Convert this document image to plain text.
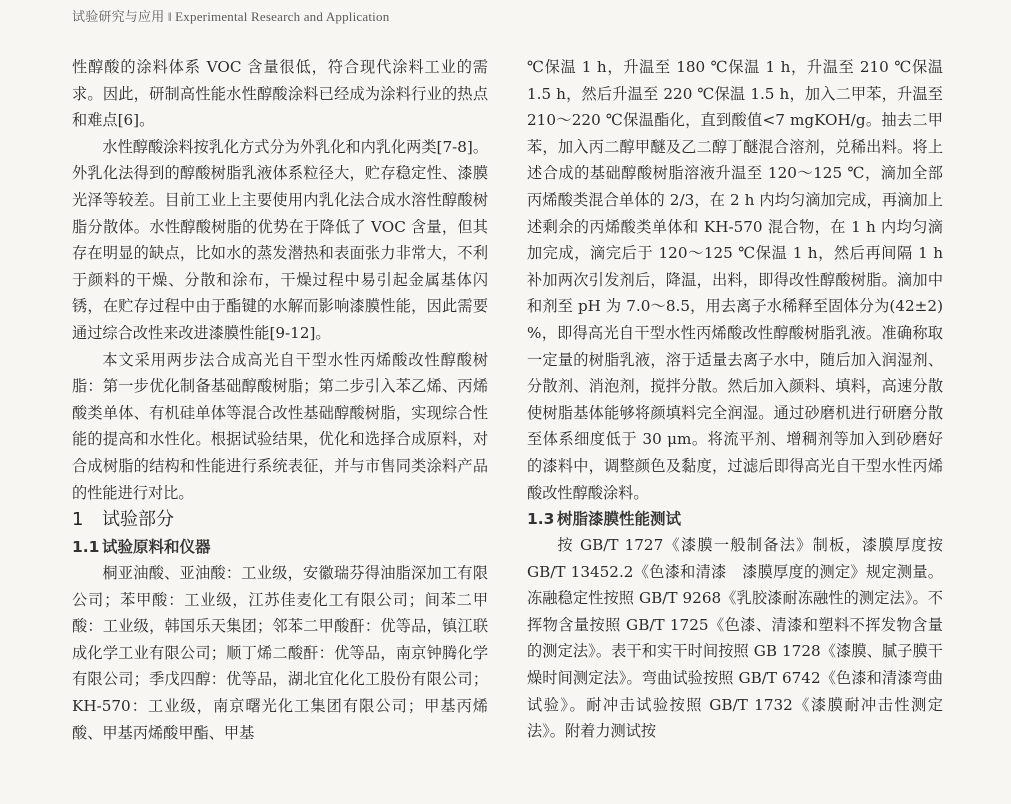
试验研究与应用 ‖ Experimental Research and Application

性醇酸的涂料体系 VOC 含量很低，符合现代涂料工业的需求。因此，研制高性能水性醇酸涂料已经成为涂料行业的热点和难点[6]。

水性醇酸涂料按乳化方式分为外乳化和内乳化两类[7-8]。外乳化法得到的醇酸树脂乳液体系粒径大，贮存稳定性、漆膜光泽等较差。目前工业上主要使用内乳化法合成水溶性醇酸树脂分散体。水性醇酸树脂的优势在于降低了 VOC 含量，但其存在明显的缺点，比如水的蒸发潜热和表面张力非常大，不利于颜料的干燥、分散和涂布，干燥过程中易引起金属基体闪锈，在贮存过程中由于酯键的水解而影响漆膜性能，因此需要通过综合改性来改进漆膜性能[9-12]。

本文采用两步法合成高光自干型水性丙烯酸改性醇酸树脂：第一步优化制备基础醇酸树脂；第二步引入苯乙烯、丙烯酸类单体、有机硅单体等混合改性基础醇酸树脂，实现综合性能的提高和水性化。根据试验结果，优化和选择合成原料，对合成树脂的结构和性能进行系统表征，并与市售同类涂料产品的性能进行对比。

1 试验部分
1.1 试验原料和仪器

桐亚油酸、亚油酸：工业级，安徽瑞芬得油脂深加工有限公司；苯甲酸：工业级，江苏佳麦化工有限公司；间苯二甲酸：工业级，韩国乐天集团；邻苯二甲酸酐：优等品，镇江联成化学工业有限公司；顺丁烯二酸酐：优等品，南京钟腾化学有限公司；季戊四醇：优等品，湖北宜化化工股份有限公司；KH-570：工业级，南京曙光化工集团有限公司；甲基丙烯酸、甲基丙烯酸甲酯、甲基

℃保温 1 h，升温至 180 ℃保温 1 h，升温至 210 ℃保温 1.5 h，然后升温至 220 ℃保温 1.5 h，加入二甲苯，升温至 210～220 ℃保温酯化，直到酸值<7 mgKOH/g。抽去二甲苯，加入丙二醇甲醚及乙二醇丁醚混合溶剂，兑稀出料。将上述合成的基础醇酸树脂溶液升温至 120～125 ℃，滴加全部丙烯酸类混合单体的 2/3，在 2 h 内均匀滴加完成，再滴加上述剩余的丙烯酸类单体和 KH-570 混合物，在 1 h 内均匀滴加完成，滴完后于 120～125 ℃保温 1 h，然后再间隔 1 h 补加两次引发剂后，降温，出料，即得改性醇酸树脂。滴加中和剂至 pH 为 7.0～8.5，用去离子水稀释至固体分为(42±2) %，即得高光自干型水性丙烯酸改性醇酸树脂乳液。准确称取一定量的树脂乳液，溶于适量去离子水中，随后加入润湿剂、分散剂、消泡剂，搅拌分散。然后加入颜料、填料，高速分散使树脂基体能够将颜填料完全润湿。通过砂磨机进行研磨分散至体系细度低于 30 μm。将流平剂、增稠剂等加入到砂磨好的漆料中，调整颜色及黏度，过滤后即得高光自干型水性丙烯酸改性醇酸涂料。

1.3 树脂漆膜性能测试

按 GB/T 1727《漆膜一般制备法》制板，漆膜厚度按 GB/T 13452.2《色漆和清漆　漆膜厚度的测定》规定测量。冻融稳定性按照 GB/T 9268《乳胶漆耐冻融性的测定法》。不挥物含量按照 GB/T 1725《色漆、清漆和塑料不挥发物含量的测定法》。表干和实干时间按照 GB 1728《漆膜、腻子膜干燥时间测定法》。弯曲试验按照 GB/T 6742《色漆和清漆弯曲试验》。耐冲击试验按照 GB/T 1732《漆膜耐冲击性测定法》。附着力测试按
